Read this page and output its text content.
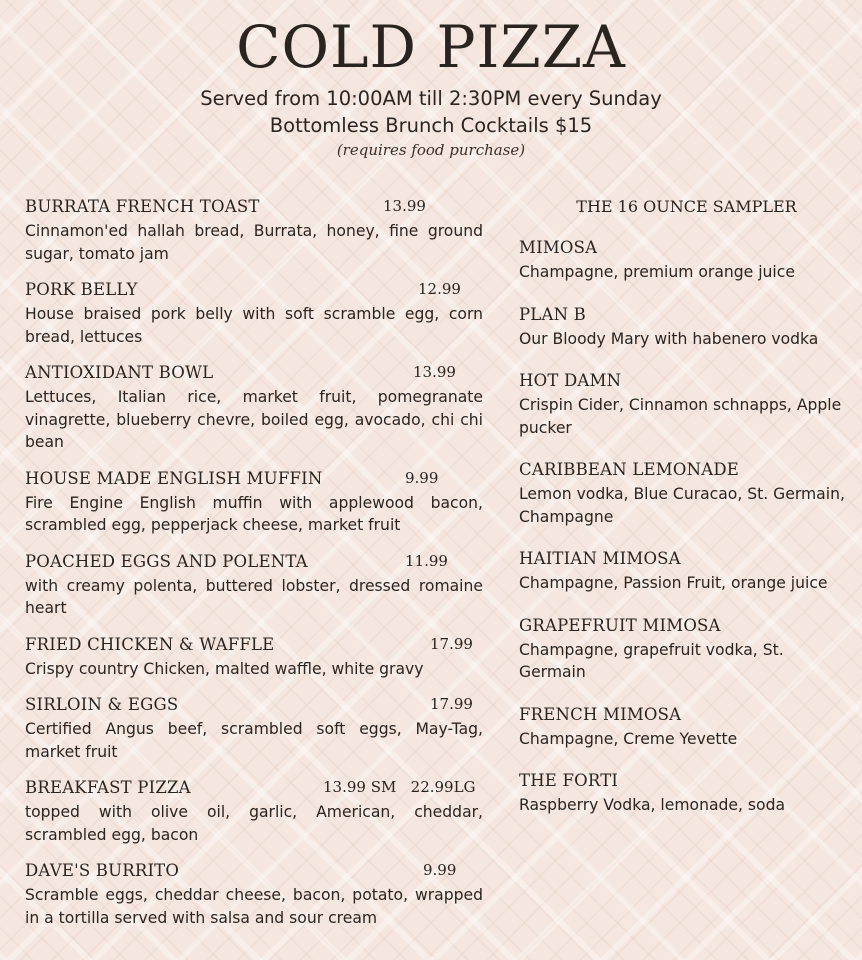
COLD PIZZA
Served from 10:00AM till 2:30PM every Sunday
Bottomless Brunch Cocktails $15
(requires food purchase)
BURRATA FRENCH TOAST	13.99
Cinnamon'ed hallah bread, Burrata, honey, fine ground sugar, tomato jam
PORK BELLY	12.99
House braised pork belly with soft scramble egg, corn bread, lettuces
ANTIOXIDANT BOWL	13.99
Lettuces, Italian rice, market fruit, pomegranate vinagrette, blueberry chevre, boiled egg, avocado, chi chi bean
HOUSE MADE ENGLISH MUFFIN	9.99
Fire Engine English muffin with applewood bacon, scrambled egg, pepperjack cheese, market fruit
POACHED EGGS AND POLENTA	11.99
with creamy polenta, buttered lobster, dressed romaine heart
FRIED CHICKEN & WAFFLE	17.99
Crispy country Chicken, malted waffle, white gravy
SIRLOIN & EGGS	17.99
Certified Angus beef, scrambled soft eggs, May-Tag, market fruit
BREAKFAST PIZZA	13.99 SM   22.99LG
topped with olive oil, garlic, American, cheddar, scrambled egg, bacon
DAVE'S BURRITO	9.99
Scramble eggs, cheddar cheese, bacon, potato, wrapped in a tortilla served with salsa and sour cream
THE 16 OUNCE SAMPLER
MIMOSA
Champagne, premium orange juice
PLAN B
Our Bloody Mary with habenero vodka
HOT DAMN
Crispin Cider, Cinnamon schnapps, Apple pucker
CARIBBEAN LEMONADE
Lemon vodka, Blue Curacao, St. Germain, Champagne
HAITIAN MIMOSA
Champagne, Passion Fruit, orange juice
GRAPEFRUIT MIMOSA
Champagne, grapefruit vodka, St. Germain
FRENCH MIMOSA
Champagne, Creme Yevette
THE FORTI
Raspberry Vodka, lemonade, soda
